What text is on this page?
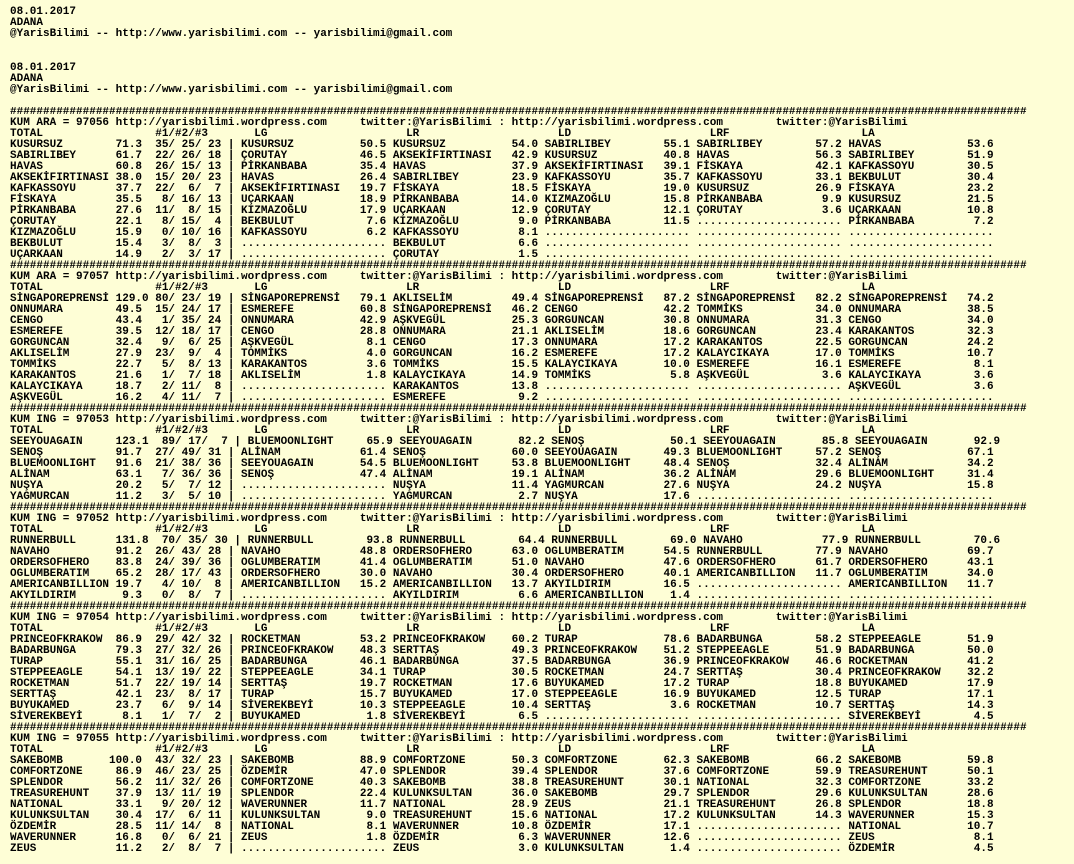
08.01.2017
ADANA
@YarisBilimi -- http://www.yarisbilimi.com -- yarisbilimi@gmail.com
08.01.2017
ADANA
@YarisBilimi -- http://www.yarisbilimi.com -- yarisbilimi@gmail.com
##########################################################################################################################################################
KUM ARA = 97056 http://yarisbilimi.wordpress.com     twitter:@YarisBilimi : http://yarisbilimi.wordpress.com        twitter:@YarisBilimi
TOTAL                 #1/#2/#3       LG                     LR                     LD                     LRF                    LA
KUSURSUZ        71.3  35/ 25/ 23 | KUSURSUZ          50.5 KUSURSUZ          54.0 SABIRLIBEY        55.1 SABIRLIBEY        57.2 HAVAS             53.6
SABIRLIBEY      61.7  22/ 26/ 18 | ÇORUTAY           46.5 AKSEKİFIRTINASI   42.9 KUSURSUZ          40.8 HAVAS             56.3 SABIRLIBEY        51.9
HAVAS           60.8  26/ 15/ 13 | PİRKANBABA        35.4 HAVAS             37.9 AKSEKİFIRTINASI   39.1 FİSKAYA           42.1 KAFKASSOYU        30.5
AKSEKİFIRTINASI 38.0  15/ 20/ 23 | HAVAS             26.4 SABIRLIBEY        23.9 KAFKASSOYU        35.7 KAFKASSOYU        33.1 BEKBULUT          30.4
KAFKASSOYU      37.7  22/  6/  7 | AKSEKİFIRTINASI   19.7 FİSKAYA           18.5 FİSKAYA           19.0 KUSURSUZ          26.9 FİSKAYA           23.2
FİSKAYA         35.5   8/ 16/ 13 | UÇARKAAN          18.9 PİRKANBABA        14.0 KIZMAZOĞLU        15.8 PİRKANBABA         9.9 KUSURSUZ          21.5
PİRKANBABA      27.6  11/  8/ 15 | KIZMAZOĞLU        17.9 UÇARKAAN          12.9 ÇORUTAY           12.1 ÇORUTAY            3.6 UÇARKAAN          10.8
ÇORUTAY         22.1   8/ 15/  4 | BEKBULUT           7.6 KIZMAZOĞLU         9.0 PİRKANBABA        11.5 ...................... PİRKANBABA         7.2
KIZMAZOĞLU      15.9   0/ 10/ 16 | KAFKASSOYU         6.2 KAFKASSOYU         8.1 ...................... ...................... ......................
BEKBULUT        15.4   3/  8/  3 | ...................... BEKBULUT           6.6 ...................... ...................... ......................
UÇARKAAN        14.9   2/  3/ 17 | ...................... ÇORUTAY            1.5 ...................... ...................... ......................
##########################################################################################################################################################
KUM ARA = 97057 http://yarisbilimi.wordpress.com     twitter:@YarisBilimi : http://yarisbilimi.wordpress.com        twitter:@YarisBilimi
TOTAL                 #1/#2/#3       LG                     LR                     LD                     LRF                    LA
SİNGAPOREPRENSİ 129.0 80/ 23/ 19 | SİNGAPOREPRENSİ   79.1 AKLISELİM         49.4 SİNGAPOREPRENSİ   87.2 SİNGAPOREPRENSİ   82.2 SİNGAPOREPRENSİ   74.2
ONNUMARA        49.5  15/ 24/ 17 | ESMEREFE          60.8 SİNGAPOREPRENSİ   46.2 CENGO             42.2 TOMMİKS           34.0 ONNUMARA          38.5
CENGO           43.4   1/ 35/ 24 | ONNUMARA          42.9 AŞKVEGÜL          25.3 GORGUNCAN         30.8 ONNUMARA          31.3 CENGO             34.0
ESMEREFE        39.5  12/ 18/ 17 | CENGO             28.8 ONNUMARA          21.1 AKLISELİM         18.6 GORGUNCAN         23.4 KARAKANTOS        32.3
GORGUNCAN       32.4   9/  6/ 25 | AŞKVEGÜL           8.1 CENGO             17.3 ONNUMARA          17.2 KARAKANTOS        22.5 GORGUNCAN         24.2
AKLISELİM       27.9  23/  9/  4 | TOMMİKS            4.0 GORGUNCAN         16.2 ESMEREFE          17.2 KALAYCIKAYA       17.0 TOMMİKS           10.7
TOMMİKS         22.7   5/  8/ 13 | KARAKANTOS         3.6 TOMMİKS           15.5 KALAYCIKAYA       10.0 ESMEREFE          16.1 ESMEREFE           8.1
KARAKANTOS      21.6   1/  7/ 18 | AKLISELİM          1.8 KALAYCIKAYA       14.9 TOMMİKS            5.8 AŞKVEGÜL           3.6 KALAYCIKAYA        3.6
KALAYCIKAYA     18.7   2/ 11/  8 | ...................... KARAKANTOS        13.8 ...................... ...................... AŞKVEGÜL           3.6
AŞKVEGÜL        16.2   4/ 11/  7 | ...................... ESMEREFE           9.2 ...................... ...................... ......................
##########################################################################################################################################################
KUM ING = 97053 http://yarisbilimi.wordpress.com     twitter:@YarisBilimi : http://yarisbilimi.wordpress.com        twitter:@YarisBilimi
TOTAL                 #1/#2/#3       LG                     LR                     LD                     LRF                    LA
SEEYOUAGAIN     123.1  89/ 17/  7 | BLUEMOONLIGHT     65.9 SEEYOUAGAIN       82.2 SENOŞ             50.1 SEEYOUAGAIN       85.8 SEEYOUAGAIN       92.9
SENOŞ           91.7  27/ 49/ 31 | ALİNAM            61.4 SENOŞ             60.0 SEEYOUAGAIN       49.3 BLUEMOONLIGHT     57.2 SENOŞ             67.1
BLUEMOONLIGHT   91.6  21/ 38/ 36 | SEEYOUAGAIN       54.5 BLUEMOONLIGHT     53.8 BLUEMOONLIGHT     48.4 SENOŞ             32.4 ALİNAM            34.2
ALİNAM          63.1   7/ 36/ 36 | SENOŞ             47.4 ALİNAM            19.1 ALİNAM            36.2 ALİNAM            29.6 BLUEMOONLIGHT     31.4
NUŞYA           20.2   5/  7/ 12 | ...................... NUŞYA             11.4 YAGMURCAN         27.6 NUŞYA             24.2 NUŞYA             15.8
YAGMURCAN       11.2   3/  5/ 10 | ...................... YAGMURCAN          2.7 NUŞYA             17.6 ...................... ......................
##########################################################################################################################################################
KUM ING = 97052 http://yarisbilimi.wordpress.com     twitter:@YarisBilimi : http://yarisbilimi.wordpress.com        twitter:@YarisBilimi
TOTAL                 #1/#2/#3       LG                     LR                     LD                     LRF                    LA
RUNNERBULL      131.8  70/ 35/ 30 | RUNNERBULL        93.8 RUNNERBULL        64.4 RUNNERBULL        69.0 NAVAHO            77.9 RUNNERBULL        70.6
NAVAHO          91.2  26/ 43/ 28 | NAVAHO            48.8 ORDERSOFHERO      63.0 OGLUMBERATIM      54.5 RUNNERBULL        77.9 NAVAHO            69.7
ORDERSOFHERO    83.8  24/ 39/ 36 | OGLUMBERATIM      41.4 OGLUMBERATIM      51.0 NAVAHO            47.6 ORDERSOFHERO      61.7 ORDERSOFHERO      43.1
OGLUMBERATIM    65.2  28/ 17/ 43 | ORDERSOFHERO      30.0 NAVAHO            30.4 ORDERSOFHERO      40.1 AMERICANBILLION   11.7 OGLUMBERATIM      34.0
AMERICANBILLION 19.7   4/ 10/  8 | AMERICANBILLION   15.2 AMERICANBILLION   13.7 AKYILDIRIM        16.5 ...................... AMERICANBILLION   11.7
AKYILDIRIM       9.3   0/  8/  7 | ...................... AKYILDIRIM         6.6 AMERICANBILLION    1.4 ...................... ......................
##########################################################################################################################################################
KUM ING = 97054 http://yarisbilimi.wordpress.com     twitter:@YarisBilimi : http://yarisbilimi.wordpress.com        twitter:@YarisBilimi
TOTAL                 #1/#2/#3       LG                     LR                     LD                     LRF                    LA
PRINCEOFKRAKOW  86.9  29/ 42/ 32 | ROCKETMAN         53.2 PRINCEOFKRAKOW    60.2 TURAP             78.6 BADARBUNGA        58.2 STEPPEEAGLE       51.9
BADARBUNGA      79.3  27/ 32/ 26 | PRINCEOFKRAKOW    48.3 SERTTAŞ           49.3 PRINCEOFKRAKOW    51.2 STEPPEEAGLE       51.9 BADARBUNGA        50.0
TURAP           55.1  31/ 16/ 25 | BADARBUNGA        46.1 BADARBUNGA        37.5 BADARBUNGA        36.9 PRINCEOFKRAKOW    46.6 ROCKETMAN         41.2
STEPPEEAGLE     54.1  13/ 19/ 22 | STEPPEEAGLE       34.1 TURAP             30.5 ROCKETMAN         24.7 SERTTAŞ           30.4 PRINCEOFKRAKOW    32.2
ROCKETMAN       51.7  22/ 19/ 14 | SERTTAŞ           19.7 ROCKETMAN         17.6 BUYUKAMED         17.2 TURAP             18.8 BUYUKAMED         17.9
SERTTAŞ         42.1  23/  8/ 17 | TURAP             15.7 BUYUKAMED         17.0 STEPPEEAGLE       16.9 BUYUKAMED         12.5 TURAP             17.1
BUYUKAMED       23.7   6/  9/ 14 | SİVEREKBEYİ       10.3 STEPPEEAGLE       10.4 SERTTAŞ            3.6 ROCKETMAN         10.7 SERTTAŞ           14.3
SİVEREKBEYİ      8.1   1/  7/  2 | BUYUKAMED          1.8 SİVEREKBEYİ        6.5 ...................... ...................... SİVEREKBEYİ        4.5
##########################################################################################################################################################
KUM ING = 97055 http://yarisbilimi.wordpress.com     twitter:@YarisBilimi : http://yarisbilimi.wordpress.com        twitter:@YarisBilimi
TOTAL                 #1/#2/#3       LG                     LR                     LD                     LRF                    LA
SAKEBOMB       100.0  43/ 32/ 23 | SAKEBOMB          88.9 COMFORTZONE       50.3 COMFORTZONE       62.3 SAKEBOMB          66.2 SAKEBOMB          59.8
COMFORTZONE     86.9  46/ 23/ 25 | ÖZDEMİR           47.0 SPLENDOR          39.4 SPLENDOR          37.6 COMFORTZONE       59.9 TREASUREHUNT      50.1
SPLENDOR        56.2  11/ 32/ 26 | COMFORTZONE       40.3 SAKEBOMB          38.8 TREASUREHUNT      30.1 NATIONAL          32.3 COMFORTZONE       33.2
TREASUREHUNT    37.9  13/ 11/ 19 | SPLENDOR          22.4 KULUNKSULTAN      36.0 SAKEBOMB          29.7 SPLENDOR          29.6 KULUNKSULTAN      28.6
NATIONAL        33.1   9/ 20/ 12 | WAVERUNNER        11.7 NATIONAL          28.9 ZEUS              21.1 TREASUREHUNT      26.8 SPLENDOR          18.8
KULUNKSULTAN    30.4  17/  6/ 11 | KULUNKSULTAN       9.0 TREASUREHUNT      15.6 NATIONAL          17.2 KULUNKSULTAN      14.3 WAVERUNNER        15.3
ÖZDEMİR         28.5  11/ 14/  8 | NATIONAL           8.1 WAVERUNNER        10.8 ÖZDEMİR           17.1 ...................... NATIONAL          10.7
WAVERUNNER      16.8   0/  6/ 21 | ZEUS               1.8 ÖZDEMİR            6.3 WAVERUNNER        12.6 ...................... ZEUS               8.1
ZEUS            11.2   2/  8/  7 | ...................... ZEUS               3.0 KULUNKSULTAN       1.4 ...................... ÖZDEMİR            4.5
